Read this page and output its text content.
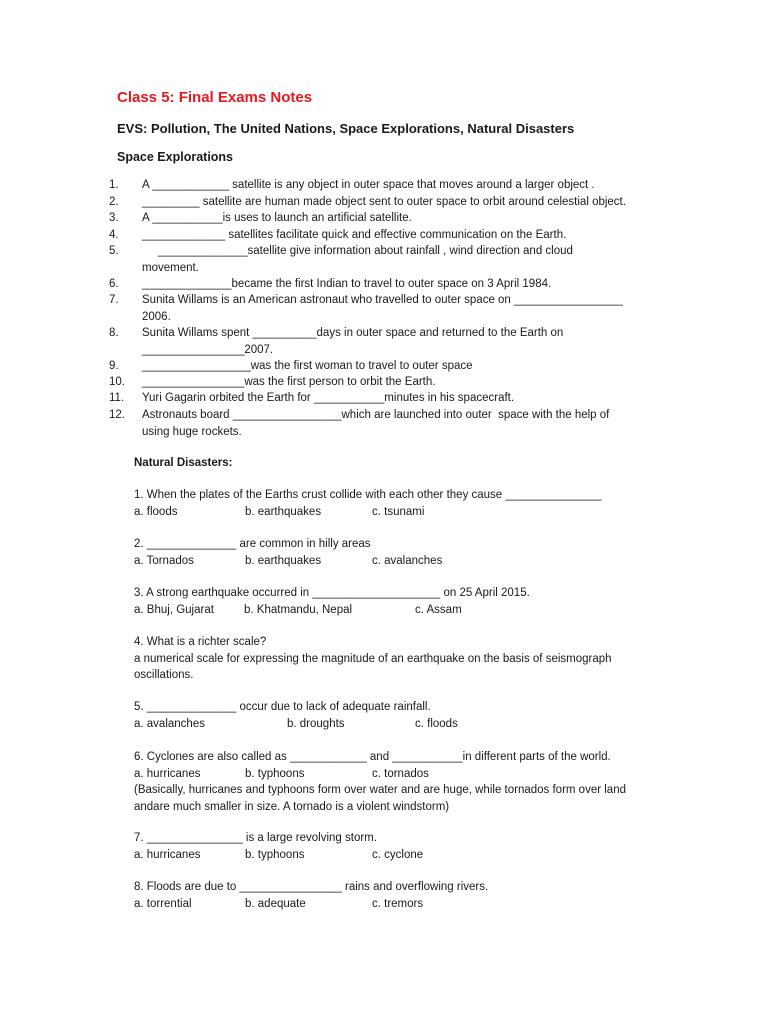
Class 5: Final Exams Notes
EVS: Pollution, The United Nations, Space Explorations, Natural Disasters
Space Explorations
1.	A ____________ satellite is any object in outer space that moves around a larger object .
2.	_________ satellite are human made object sent to outer space to orbit around celestial object.
3.	A ___________is uses to launch an artificial satellite.
4.	_____________ satellites facilitate quick and effective communication on the Earth.
5.	______________satellite give information about rainfall , wind direction and cloud
movement.
6.	______________became the first Indian to travel to outer space on 3 April 1984.
7.	Sunita Willams is an American astronaut who travelled to outer space on _________________
2006.
8.	Sunita Willams spent __________days in outer space and returned to the Earth on
________________2007.
9.	_________________was the first woman to travel to outer space
10.	________________was the first person to orbit the Earth.
11.	Yuri Gagarin orbited the Earth for ___________minutes in his spacecraft.
12.	Astronauts board _________________which are launched into outer  space with the help of
using huge rockets.
Natural Disasters:
1. When the plates of the Earths crust collide with each other they cause _______________
a. floods	b. earthquakes	c. tsunami
2. ______________ are common in hilly areas
a. Tornados	b. earthquakes	c. avalanches
3. A strong earthquake occurred in ____________________ on 25 April 2015.
a. Bhuj, Gujarat	b. Khatmandu, Nepal	c. Assam
4. What is a richter scale?
a numerical scale for expressing the magnitude of an earthquake on the basis of seismograph
oscillations.
5. ______________ occur due to lack of adequate rainfall.
a. avalanches	b. droughts	c. floods
6. Cyclones are also called as ____________ and ___________in different parts of the world.
a. hurricanes	b. typhoons	c. tornados
(Basically, hurricanes and typhoons form over water and are huge, while tornados form over land
andare much smaller in size. A tornado is a violent windstorm)
7. _______________ is a large revolving storm.
a. hurricanes	b. typhoons	c. cyclone
8. Floods are due to ________________ rains and overflowing rivers.
a. torrential	b. adequate	c. tremors
